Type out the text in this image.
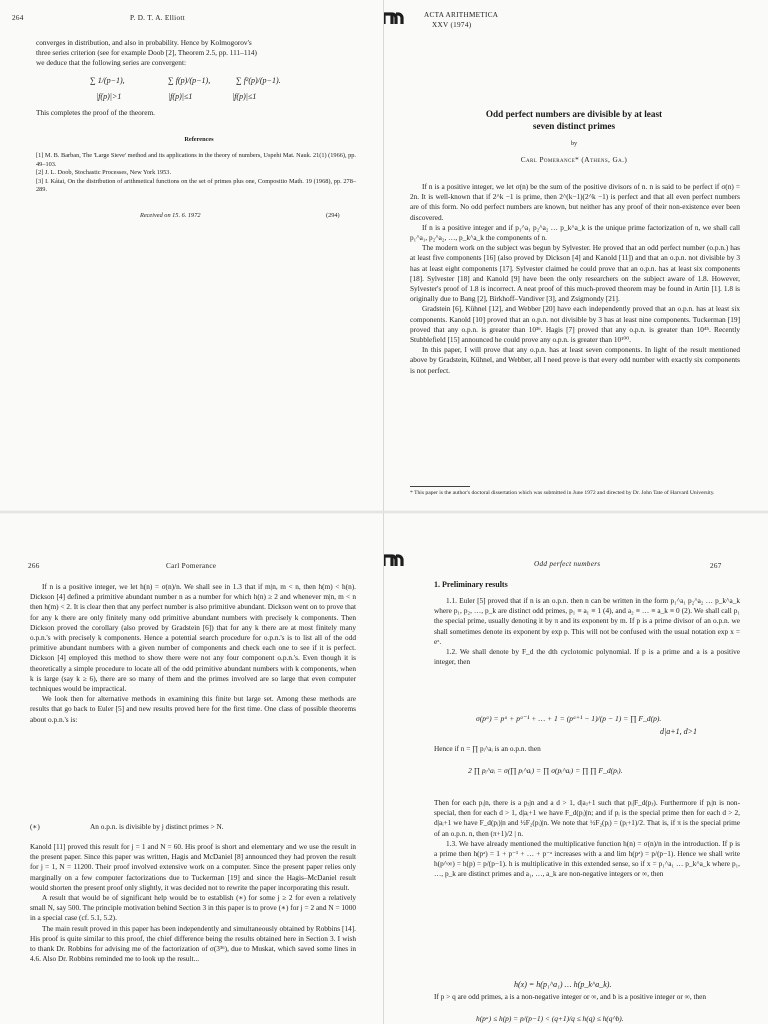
264	P. D. T. A. Elliott
converges in distribution, and also in probability. Hence by Kolmogorov's
three series criterion (see for example Doob [2], Theorem 2.5, pp. 111–114)
we deduce that the following series are convergent:
∑ 1/(p−1),	∑ f(p)/(p−1),	∑ f²(p)/(p−1).
|f(p)|>1	|f(p)|≤1	|f(p)|≤1
This completes the proof of the theorem.
References
[1] M. B. Barban, The 'Large Sieve' method and its applications in the theory of numbers, Uspehi Mat. Nauk. 21(1) (1966), pp. 49–103.
[2] J. L. Doob, Stochastic Processes, New York 1953.
[3] I. Kátai, On the distribution of arithmetical functions on the set of primes plus one, Compositio Math. 19 (1968), pp. 278–289.
Received on 15. 6. 1972	(294)
ACTA ARITHMETICA
XXV (1974)
Odd perfect numbers are divisible by at least
seven distinct primes
by
Carl Pomerance* (Athens, Ga.)

If n is a positive integer, we let σ(n) be the sum of the positive divisors of n. n is said to be perfect if σ(n) = 2n. It is well-known that if 2^k −1 is prime, then 2^(k−1)(2^k −1) is perfect and that all even perfect numbers are of this form. No odd perfect numbers are known, but neither has any proof of their non-existence ever been discovered.

If n is a positive integer and if p₁^a₁ p₂^a₂ … p_k^a_k is the unique prime factorization of n, we shall call p₁^a₁, p₂^a₂, …, p_k^a_k the components of n.

The modern work on the subject was begun by Sylvester. He proved that an odd perfect number (o.p.n.) has at least five components [16] (also proved by Dickson [4] and Kanold [11]) and that an o.p.n. not divisible by 3 has at least eight components [17]. Sylvester claimed he could prove that an o.p.n. has at least six components [18]. Sylvester [18] and Kanold [9] have been the only researchers on the subject aware of 1.8. However, Sylvester's proof of 1.8 is incorrect. A neat proof of this much-proved theorem may be found in Artin [1]. 1.8 is originally due to Bang [2], Birkhoff–Vandiver [3], and Zsigmondy [21].

Gradstein [6], Kühnel [12], and Webber [20] have each independently proved that an o.p.n. has at least six components. Kanold [10] proved that an o.p.n. not divisible by 3 has at least nine components. Tuckerman [19] proved that any o.p.n. is greater than 10³⁶. Hagis [7] proved that any o.p.n. is greater than 10⁴⁵. Recently Stubblefield [15] announced he could prove any o.p.n. is greater than 10¹⁰⁰.

In this paper, I will prove that any o.p.n. has at least seven components. In light of the result mentioned above by Gradstein, Kühnel, and Webber, all I need prove is that every odd number with exactly six components is not perfect.

* This paper is the author's doctoral dissertation which was submitted in June 1972 and directed by Dr. John Tate of Harvard University.
266	Carl Pomerance

If n is a positive integer, we let h(n) = σ(n)/n. We shall see in 1.3 that if m|n, m < n, then h(m) < h(n). Dickson [4] defined a primitive abundant number n as a number for which h(n) ≥ 2 and whenever m|n, m < n then h(m) < 2. It is clear then that any perfect number is also primitive abundant. Dickson went on to prove that for any k there are only finitely many odd primitive abundant numbers with precisely k components. Then Dickson proved the corollary (also proved by Gradstein [6]) that for any k there are at most finitely many o.p.n.'s with precisely k components. Hence a potential search procedure for o.p.n.'s is to list all of the odd primitive abundant numbers with a given number of components and check each one to see if it is perfect. Dickson [4] employed this method to show there were not any four component o.p.n.'s. Even though it is theoretically a simple procedure to locate all of the odd primitive abundant numbers with k components, when k is large (say k ≥ 6), there are so many of them and the primes involved are so large that even computer techniques would be impractical.

We look then for alternative methods in examining this finite but large set. Among these methods are results that go back to Euler [5] and new results proved here for the first time. One class of possible theorems about o.p.n.'s is:

(∗)	An o.p.n. is divisible by j distinct primes > N.

Kanold [11] proved this result for j = 1 and N = 60. His proof is short and elementary and we use the result in the present paper. Since this paper was written, Hagis and McDaniel [8] announced they had proven the result for j = 1, N = 11200. Their proof involved extensive work on a computer. Since the present paper relies only marginally on a few computer factorizations due to Tuckerman [19] and since the Hagis–McDaniel result would shorten the present proof only slightly, it was decided not to rewrite the paper incorporating this result.

A result that would be of significant help would be to establish (∗) for some j ≥ 2 for even a relatively small N, say 500. The principle motivation behind Section 3 in this paper is to prove (∗) for j = 2 and N = 1000 in a special case (cf. 5.1, 5.2).

The main result proved in this paper has been independently and simultaneously obtained by Robbins [14]. His proof is quite similar to this proof, the chief difference being the results obtained here in Section 3. I wish to thank Dr. Robbins for advising me of the factorization of σ(3³⁶), due to Muskat, which saved some lines in 4.6. Also Dr. Robbins reminded me to look up the result...

Odd perfect numbers	267
1. Preliminary results

1.1. Euler [5] proved that if n is an o.p.n. then n can be written in the form p₁^a₁ p₂^a₂ … p_k^a_k where p₁, p₂, …, p_k are distinct odd primes, p₁ ≡ a₁ ≡ 1 (4), and a₂ ≡ … ≡ a_k ≡ 0 (2). We shall call p₁ the special prime, usually denoting it by π and its exponent by m. If p is a prime divisor of an o.p.n. we shall sometimes denote its exponent by exp p. This will not be confused with the usual notation exp x = eˣ.

1.2. We shall denote by F_d the dth cyclotomic polynomial. If p is a prime and a is a positive integer, then

σ(pᵃ) = pᵃ + pᵃ⁻¹ + … + 1 = (pᵃ⁺¹ − 1)/(p − 1) = ∏ F_d(p).
d|a+1, d>1
Hence if n = ∏ pᵢ^aᵢ is an o.p.n. then
2 ∏ pᵢ^aᵢ = σ(∏ pᵢ^aᵢ) = ∏ σ(pᵢ^aᵢ) = ∏ ∏ F_d(pᵢ).

Then for each pᵢ|n, there is a pⱼ|n and a d > 1, d|aⱼ+1 such that pᵢ|F_d(pⱼ). Furthermore if pᵢ|n is non-special, then for each d > 1, d|aᵢ+1 we have F_d(pᵢ)|n; and if pᵢ is the special prime then for each d > 2, d|aᵢ+1 we have F_d(pᵢ)|n and ½F₂(pᵢ)|n. We note that ½F₂(pᵢ) = (pᵢ+1)/2. That is, if π is the special prime of an o.p.n. n, then (π+1)/2 | n.

1.3. We have already mentioned the multiplicative function h(n) = σ(n)/n in the introduction. If p is a prime then h(pᵃ) = 1 + p⁻¹ + … + p⁻ᵃ increases with a and lim h(pᵃ) = p/(p−1). Hence we shall write h(p^∞) = h(p) = p/(p−1). h is multiplicative in this extended sense, so if x = p₁^a₁ … p_k^a_k where p₁, …, p_k are distinct primes and a₁, …, a_k are non-negative integers or ∞, then

h(x) = h(p₁^a₁) … h(p_k^a_k).
If p > q are odd primes, a is a non-negative integer or ∞, and b is a positive integer or ∞, then
h(pᵃ) ≤ h(p) = p/(p−1) < (q+1)/q ≤ h(q) ≤ h(q^b).
